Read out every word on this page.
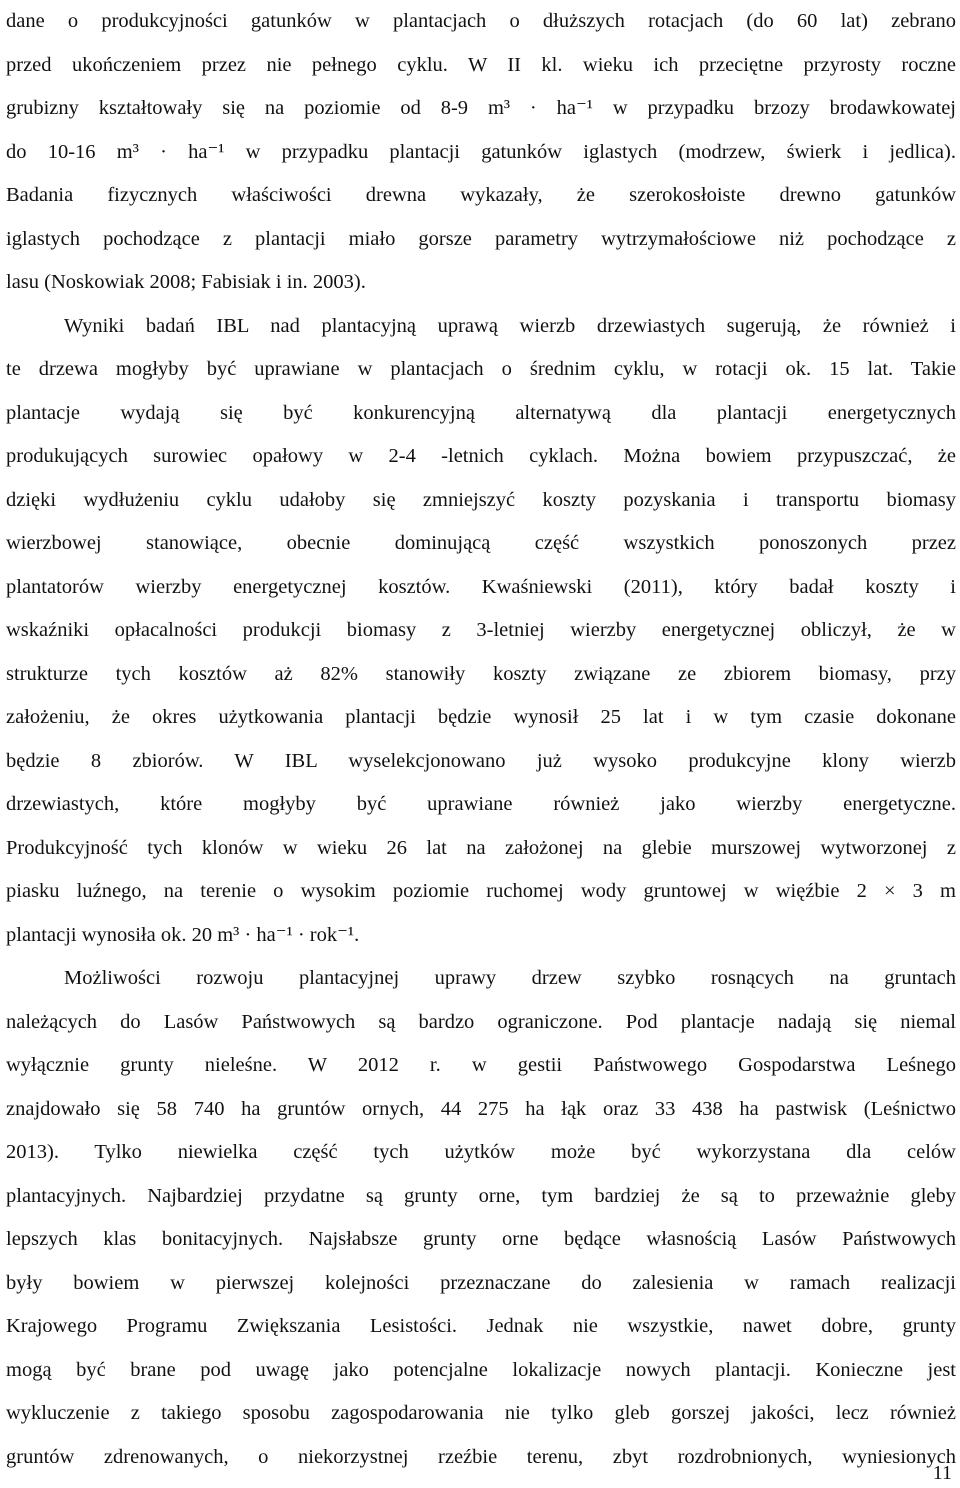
dane o produkcyjności gatunków w plantacjach o dłuższych rotacjach (do 60 lat) zebrano
przed ukończeniem przez nie pełnego cyklu. W II kl. wieku ich przeciętne przyrosty roczne
grubizny kształtowały się na poziomie od 8-9 m³ · ha⁻¹ w przypadku brzozy brodawkowatej
do 10-16 m³ · ha⁻¹ w przypadku plantacji gatunków iglastych (modrzew, świerk i jedlica).
Badania fizycznych właściwości drewna wykazały, że szerokosłoiste drewno gatunków
iglastych pochodzące z plantacji miało gorsze parametry wytrzymałościowe niż pochodzące z
lasu (Noskowiak 2008; Fabisiak i in. 2003).
Wyniki badań IBL nad plantacyjną uprawą wierzb drzewiastych sugerują, że również i
te drzewa mogłyby być uprawiane w plantacjach o średnim cyklu, w rotacji ok. 15 lat. Takie
plantacje wydają się być konkurencyjną alternatywą dla plantacji energetycznych
produkujących surowiec opałowy w 2-4 -letnich cyklach. Można bowiem przypuszczać, że
dzięki wydłużeniu cyklu udałoby się zmniejszyć koszty pozyskania i transportu biomasy
wierzbowej stanowiące, obecnie dominującą część wszystkich ponoszonych przez
plantatorów wierzby energetycznej kosztów. Kwaśniewski (2011), który badał koszty i
wskaźniki opłacalności produkcji biomasy z 3-letniej wierzby energetycznej obliczył, że w
strukturze tych kosztów aż 82% stanowiły koszty związane ze zbiorem biomasy, przy
założeniu, że okres użytkowania plantacji będzie wynosił 25 lat i w tym czasie dokonane
będzie 8 zbiorów. W IBL wyselekcjonowano już wysoko produkcyjne klony wierzb
drzewiastych, które mogłyby być uprawiane również jako wierzby energetyczne.
Produkcyjność tych klonów w wieku 26 lat na założonej na glebie murszowej wytworzonej z
piasku luźnego, na terenie o wysokim poziomie ruchomej wody gruntowej w więźbie 2 × 3 m
plantacji wynosiła ok. 20 m³ · ha⁻¹ · rok⁻¹.
Możliwości rozwoju plantacyjnej uprawy drzew szybko rosnących na gruntach
należących do Lasów Państwowych są bardzo ograniczone. Pod plantacje nadają się niemal
wyłącznie grunty nieleśne. W 2012 r. w gestii Państwowego Gospodarstwa Leśnego
znajdowało się 58 740 ha gruntów ornych, 44 275 ha łąk oraz 33 438 ha pastwisk (Leśnictwo
2013). Tylko niewielka część tych użytków może być wykorzystana dla celów
plantacyjnych. Najbardziej przydatne są grunty orne, tym bardziej że są to przeważnie gleby
lepszych klas bonitacyjnych. Najsłabsze grunty orne będące własnością Lasów Państwowych
były bowiem w pierwszej kolejności przeznaczane do zalesienia w ramach realizacji
Krajowego Programu Zwiększania Lesistości. Jednak nie wszystkie, nawet dobre, grunty
mogą być brane pod uwagę jako potencjalne lokalizacje nowych plantacji. Konieczne jest
wykluczenie z takiego sposobu zagospodarowania nie tylko gleb gorszej jakości, lecz również
gruntów zdrenowanych, o niekorzystnej rzeźbie terenu, zbyt rozdrobnionych, wyniesionych
11
